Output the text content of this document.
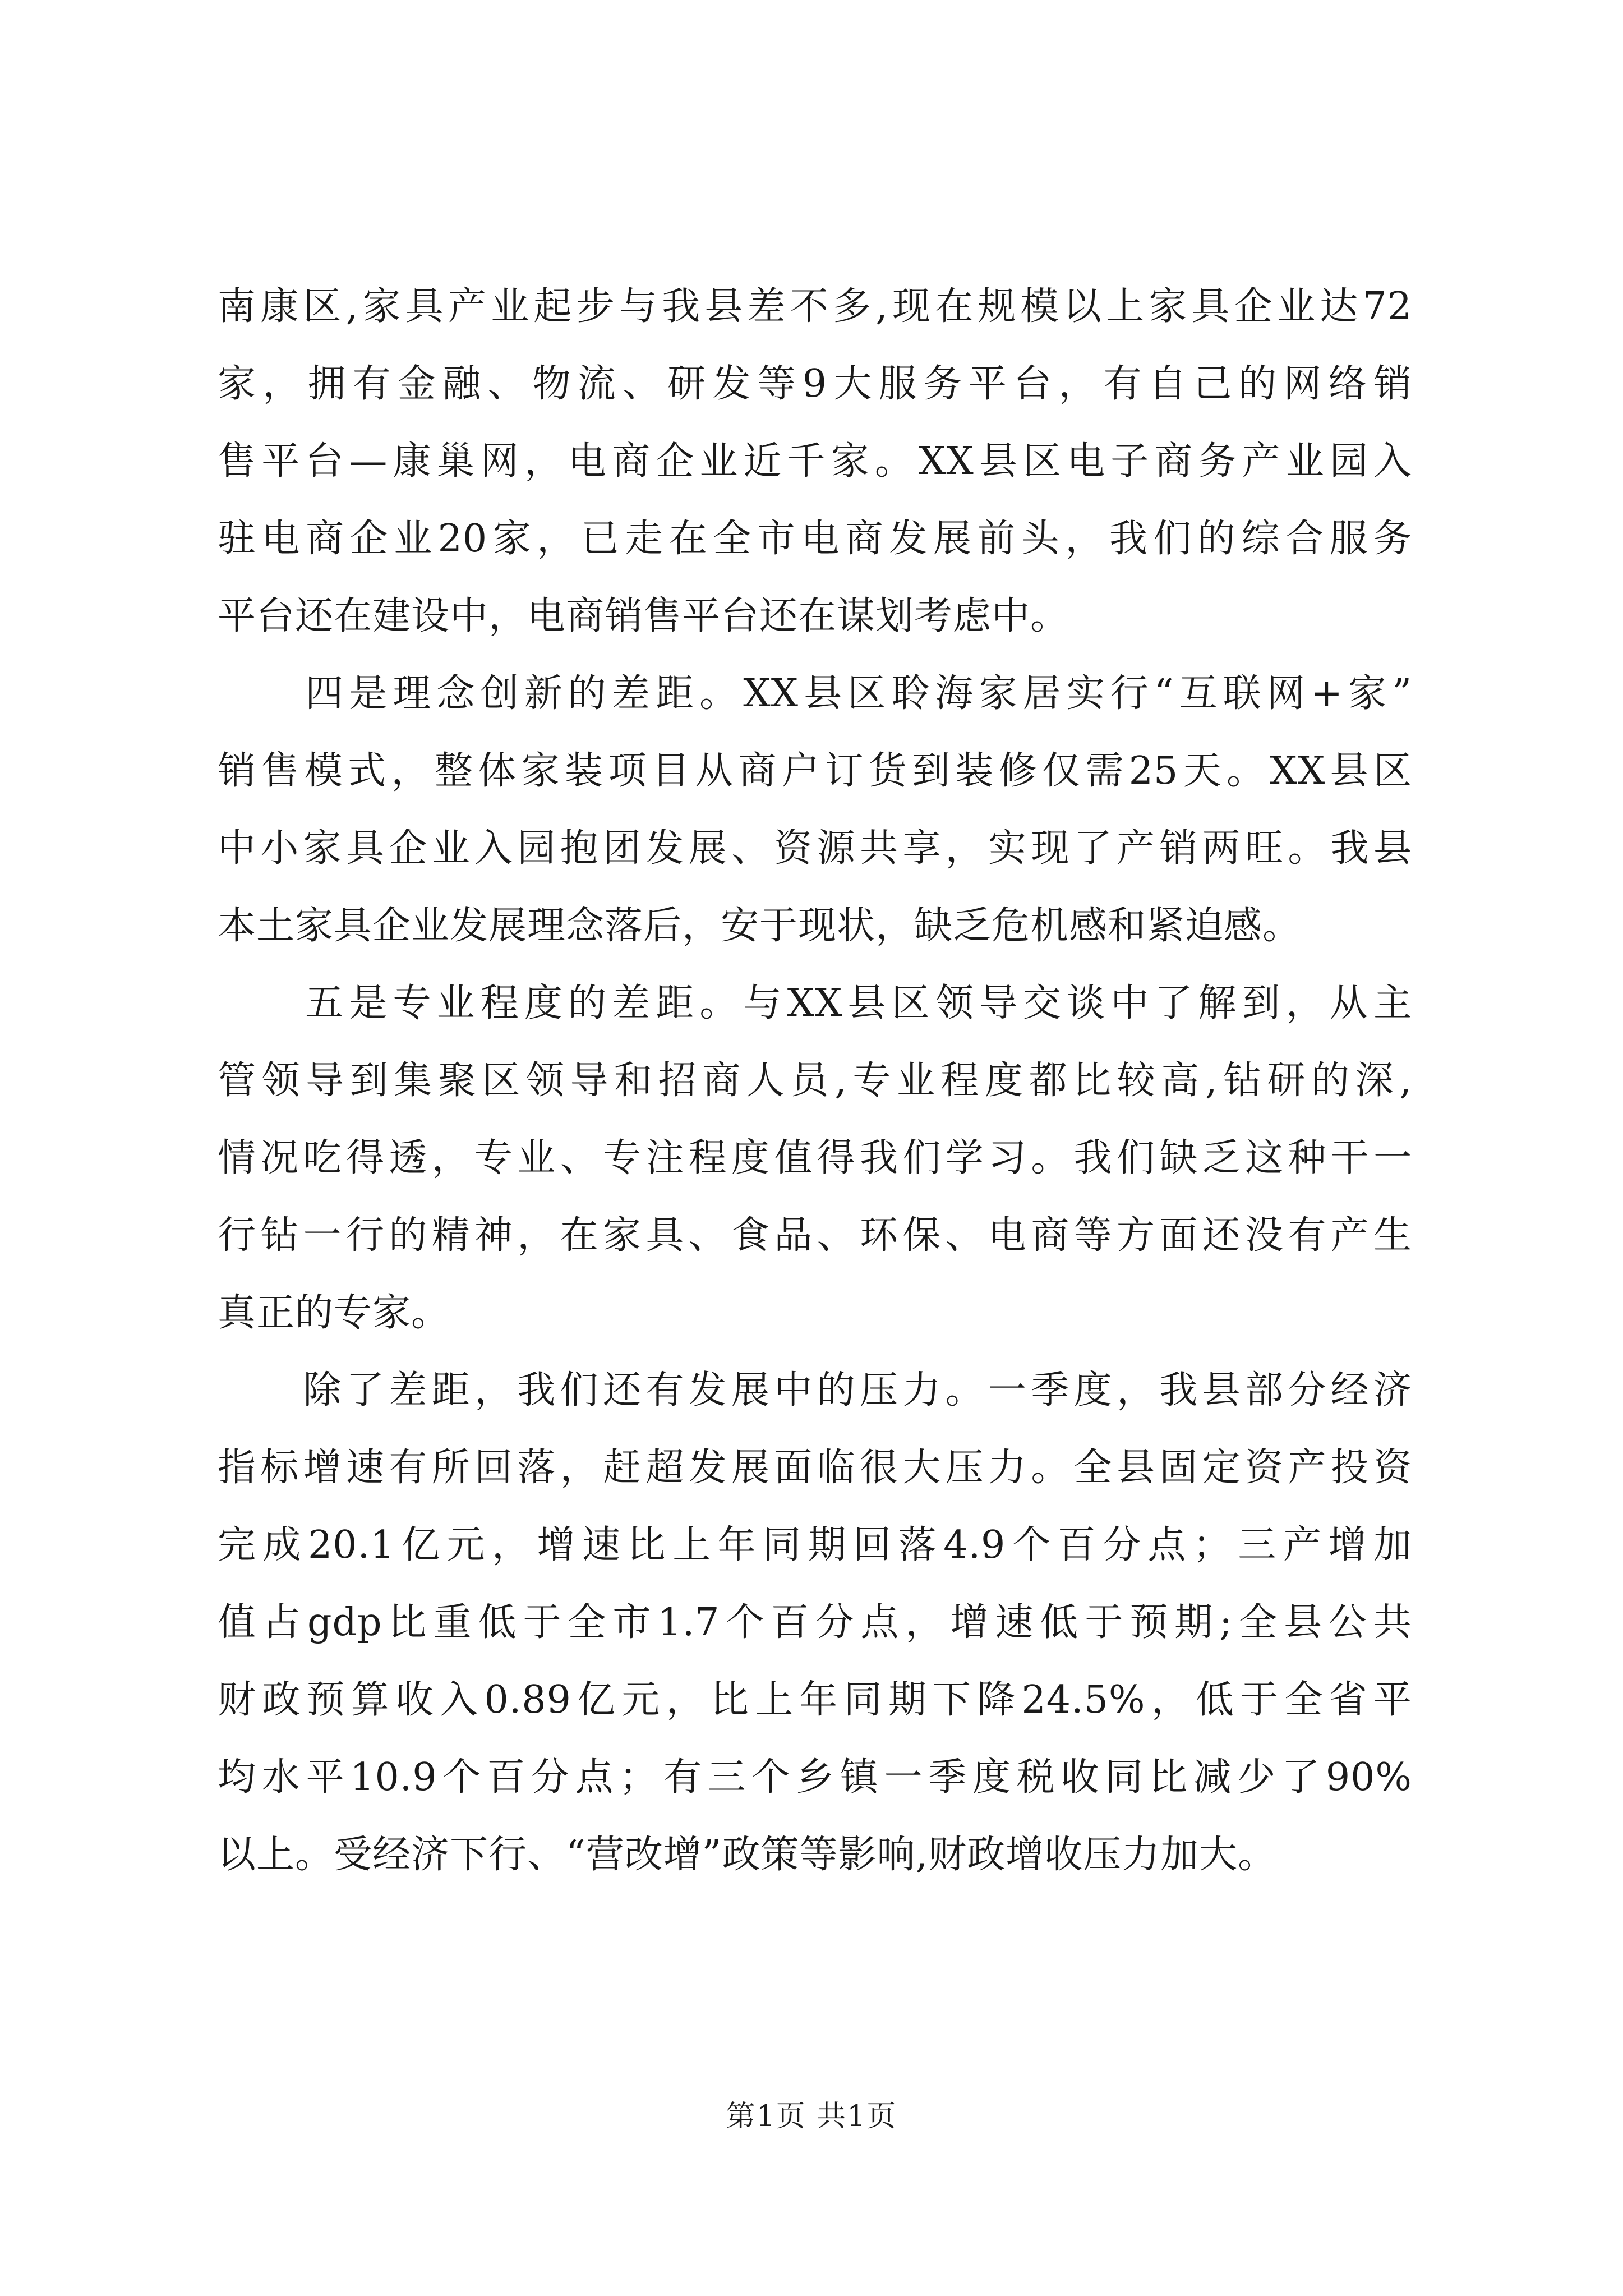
南康区,家具产业起步与我县差不多,现在规模以上家具企业达72
家，拥有金融、物流、研发等9大服务平台，有自己的网络销
售平台—康巢网，电商企业近千家。XX县区电子商务产业园入
驻电商企业20家，已走在全市电商发展前头，我们的综合服务
平台还在建设中，电商销售平台还在谋划考虑中。

　　四是理念创新的差距。XX县区聆海家居实行“互联网+家”
销售模式，整体家装项目从商户订货到装修仅需25天。XX县区
中小家具企业入园抱团发展、资源共享，实现了产销两旺。我县
本土家具企业发展理念落后，安于现状，缺乏危机感和紧迫感。

　　五是专业程度的差距。与XX县区领导交谈中了解到，从主
管领导到集聚区领导和招商人员,专业程度都比较高,钻研的深,
情况吃得透，专业、专注程度值得我们学习。我们缺乏这种干一
行钻一行的精神，在家具、食品、环保、电商等方面还没有产生
真正的专家。

　　除了差距，我们还有发展中的压力。一季度，我县部分经济
指标增速有所回落，赶超发展面临很大压力。全县固定资产投资
完成20.1亿元，增速比上年同期回落4.9个百分点；三产增加
值占gdp比重低于全市1.7个百分点，增速低于预期;全县公共
财政预算收入0.89亿元，比上年同期下降24.5%，低于全省平
均水平10.9个百分点；有三个乡镇一季度税收同比减少了90%
以上。受经济下行、“营改增”政策等影响,财政增收压力加大。

第1页 共1页
